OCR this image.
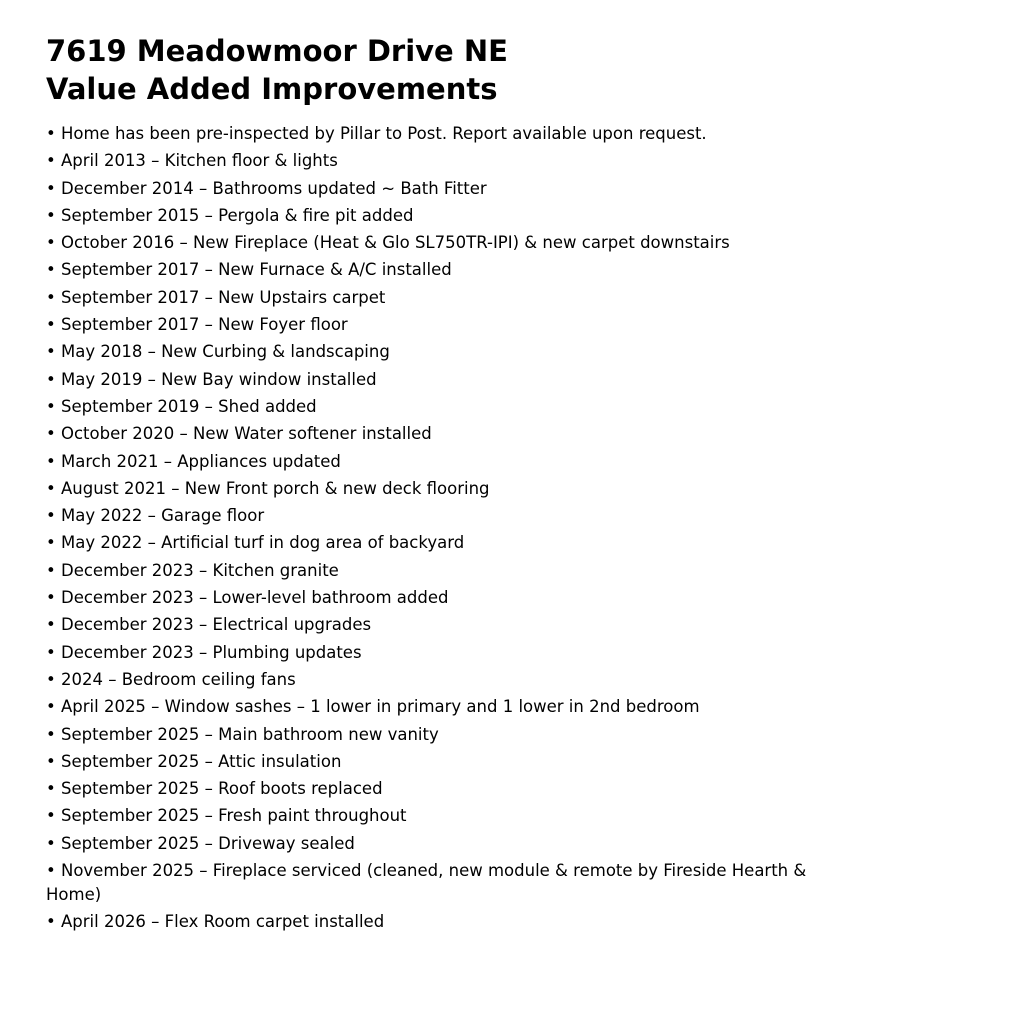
7619 Meadowmoor Drive NE
Value Added Improvements
• Home has been pre-inspected by Pillar to Post. Report available upon request.
• April 2013 – Kitchen floor & lights
• December 2014 – Bathrooms updated ~ Bath Fitter
• September 2015 – Pergola & fire pit added
• October 2016 – New Fireplace (Heat & Glo SL750TR-IPI) & new carpet downstairs
• September 2017 – New Furnace & A/C installed
• September 2017 – New Upstairs carpet
• September 2017 – New Foyer floor
• May 2018 – New Curbing & landscaping
• May 2019 – New Bay window installed
• September 2019 – Shed added
• October 2020 – New Water softener installed
• March 2021 – Appliances updated
• August 2021 – New Front porch & new deck flooring
• May 2022 – Garage floor
• May 2022 – Artificial turf in dog area of backyard
• December 2023 – Kitchen granite
• December 2023 – Lower-level bathroom added
• December 2023 – Electrical upgrades
• December 2023 – Plumbing updates
• 2024 – Bedroom ceiling fans
• April 2025 – Window sashes – 1 lower in primary and 1 lower in 2nd bedroom
• September 2025 – Main bathroom new vanity
• September 2025 – Attic insulation
• September 2025 – Roof boots replaced
• September 2025 – Fresh paint throughout
• September 2025 – Driveway sealed
• November 2025 – Fireplace serviced (cleaned, new module & remote by Fireside Hearth & Home)
• April 2026 – Flex Room carpet installed
